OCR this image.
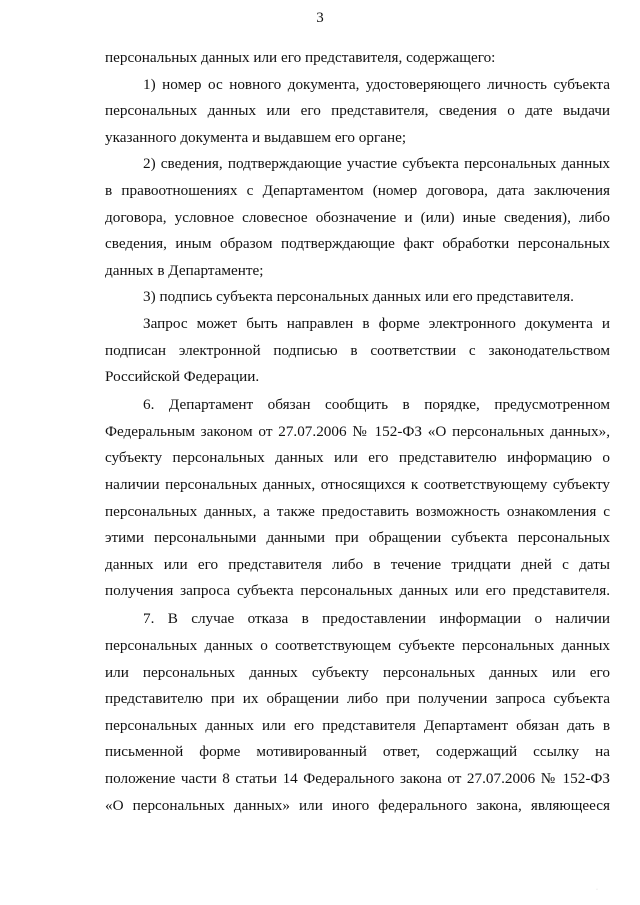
3
персональных данных или его представителя, содержащего:
1) номер ос новного документа, удостоверяющего личность субъекта
персональных данных или его представителя, сведения о дате выдачи
указанного документа и выдавшем его органе;
2) сведения, подтверждающие участие субъекта персональных данных
в правоотношениях с Департаментом (номер договора, дата заключения
договора, условное словесное обозначение и (или) иные сведения), либо
сведения, иным образом подтверждающие факт обработки персональных
данных в Департаменте;
3) подпись субъекта персональных данных или его представителя.
Запрос может быть направлен в форме электронного документа и
подписан электронной подписью в соответствии с законодательством
Российской Федерации.
6. Департамент обязан сообщить в порядке, предусмотренном
Федеральным законом от 27.07.2006 № 152-ФЗ «О персональных данных»,
субъекту персональных данных или его представителю информацию о
наличии персональных данных, относящихся к соответствующему субъекту
персональных данных, а также предоставить возможность ознакомления с
этими персональными данными при обращении субъекта персональных
данных или его представителя либо в течение тридцати дней с даты
получения запроса субъекта персональных данных или его представителя.
7. В случае отказа в предоставлении информации о наличии
персональных данных о соответствующем субъекте персональных данных
или персональных данных субъекту персональных данных или его
представителю при их обращении либо при получении запроса субъекта
персональных данных или его представителя Департамент обязан дать в
письменной форме мотивированный ответ, содержащий ссылку на
положение части 8 статьи 14 Федерального закона от 27.07.2006 № 152-ФЗ
«О персональных данных» или иного федерального закона, являющееся
·
